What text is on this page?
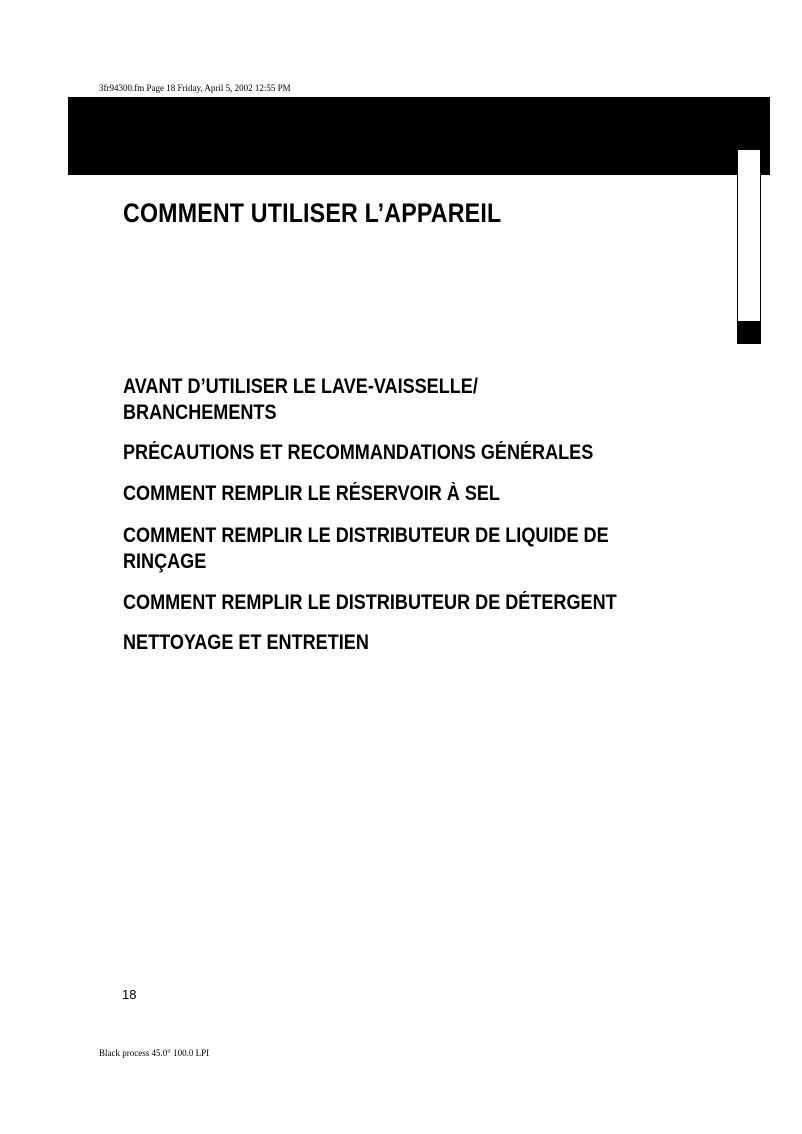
3fr94300.fm Page 18 Friday, April 5, 2002 12:55 PM
Black process 45.0° 100.0 LPI
COMMENT UTILISER L’APPAREIL
AVANT D’UTILISER LE LAVE-VAISSELLE/
BRANCHEMENTS
PRÉCAUTIONS ET RECOMMANDATIONS GÉNÉRALES
COMMENT REMPLIR LE RÉSERVOIR À SEL
COMMENT REMPLIR LE DISTRIBUTEUR DE LIQUIDE DE
RINÇAGE
COMMENT REMPLIR LE DISTRIBUTEUR DE DÉTERGENT
NETTOYAGE ET ENTRETIEN
18
